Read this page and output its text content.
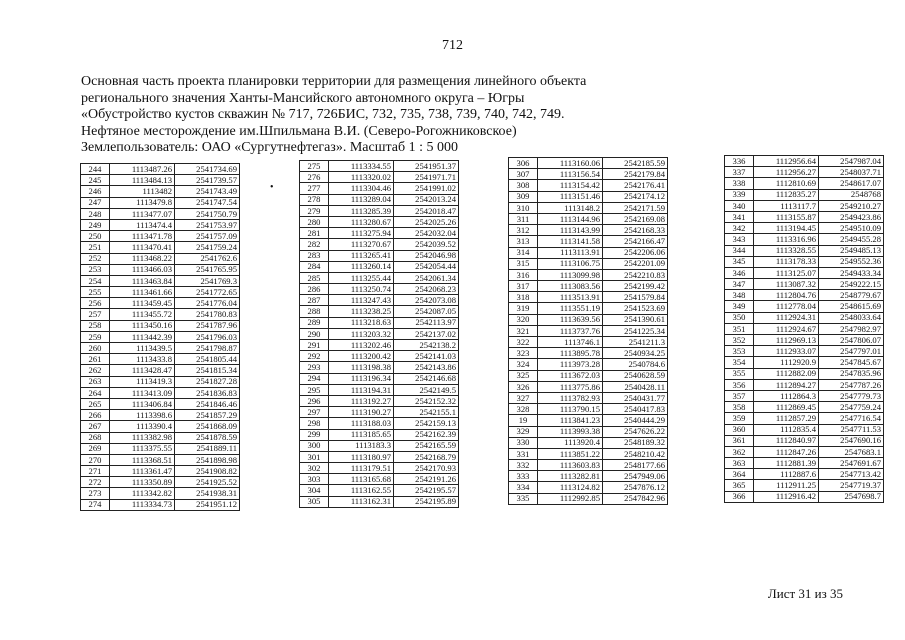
712
Основная часть проекта планировки территории для размещения линейного объекта
регионального значения Ханты-Мансийского автономного округа – Югры
«Обустройство кустов скважин № 717, 726БИС, 732, 735, 738, 739, 740, 742, 749.
Нефтяное месторождение им.Шпильмана В.И. (Северо-Рогожниковское)
Землепользователь: ОАО «Сургутнефтегаз». Масштаб 1 : 5 000
244	1113487.26	2541734.69
245	1113484.13	2541739.57
246	1113482	2541743.49
247	1113479.8	2541747.54
248	1113477.07	2541750.79
249	1113474.4	2541753.97
250	1113471.78	2541757.09
251	1113470.41	2541759.24
252	1113468.22	2541762.6
253	1113466.03	2541765.95
254	1113463.84	2541769.3
255	1113461.66	2541772.65
256	1113459.45	2541776.04
257	1113455.72	2541780.83
258	1113450.16	2541787.96
259	1113442.39	2541796.03
260	1113439.5	2541798.87
261	1113433.8	2541805.44
262	1113428.47	2541815.34
263	1113419.3	2541827.28
264	1113413.09	2541836.83
265	1113406.84	2541846.46
266	1113398.6	2541857.29
267	1113390.4	2541868.09
268	1113382.98	2541878.59
269	1113375.55	2541889.11
270	1113368.51	2541898.98
271	1113361.47	2541908.82
272	1113350.89	2541925.52
273	1113342.82	2541938.31
274	1113334.73	2541951.12
275	1113334.55	2541951.37
276	1113320.02	2541971.71
277	1113304.46	2541991.02
278	1113289.04	2542013.24
279	1113285.39	2542018.47
280	1113280.67	2542025.26
281	1113275.94	2542032.04
282	1113270.67	2542039.52
283	1113265.41	2542046.98
284	1113260.14	2542054.44
285	1113255.44	2542061.34
286	1113250.74	2542068.23
287	1113247.43	2542073.08
288	1113238.25	2542087.05
289	1113218.63	2542113.97
290	1113203.32	2542137.02
291	1113202.46	2542138.2
292	1113200.42	2542141.03
293	1113198.38	2542143.86
294	1113196.34	2542146.68
295	1113194.31	2542149.5
296	1113192.27	2542152.32
297	1113190.27	2542155.1
298	1113188.03	2542159.13
299	1113185.65	2542162.39
300	1113183.3	2542165.59
301	1113180.97	2542168.79
302	1113179.51	2542170.93
303	1113165.68	2542191.26
304	1113162.55	2542195.57
305	1113162.31	2542195.89
306	1113160.06	2542185.59
307	1113156.54	2542179.84
308	1113154.42	2542176.41
309	1113151.46	2542174.12
310	1113148.2	2542171.59
311	1113144.96	2542169.08
312	1113143.99	2542168.33
313	1113141.58	2542166.47
314	1113113.91	2542206.06
315	1113106.75	2542201.09
316	1113099.98	2542210.83
317	1113083.56	2542199.42
318	1113513.91	2541579.84
319	1113551.19	2541523.69
320	1113639.56	2541390.61
321	1113737.76	2541225.34
322	1113746.1	2541211.3
323	1113895.78	2540934.25
324	1113973.28	2540784.6
325	1113672.03	2540628.59
326	1113775.86	2540428.11
327	1113782.93	2540431.77
328	1113790.15	2540417.83
19	1113841.23	2540444.29
329	1113993.38	2547626.22
330	1113920.4	2548189.32
331	1113851.22	2548210.42
332	1113603.83	2548177.66
333	1113282.81	2547949.06
334	1113124.82	2547876.12
335	1112992.85	2547842.96
336	1112956.64	2547987.04
337	1112956.27	2548037.71
338	1112810.69	2548617.07
339	1112835.27	2548768
340	1113117.7	2549210.27
341	1113155.87	2549423.86
342	1113194.45	2549510.09
343	1113316.96	2549455.28
344	1113328.55	2549485.13
345	1113178.33	2549552.36
346	1113125.07	2549433.34
347	1113087.32	2549222.15
348	1112804.76	2548779.67
349	1112778.04	2548615.69
350	1112924.31	2548033.64
351	1112924.67	2547982.97
352	1112969.13	2547806.07
353	1112933.07	2547797.01
354	1112920.9	2547845.67
355	1112882.09	2547835.96
356	1112894.27	2547787.26
357	1112864.3	2547779.73
358	1112869.45	2547759.24
359	1112857.29	2547716.54
360	1112835.4	2547711.53
361	1112840.97	2547690.16
362	1112847.26	2547683.1
363	1112881.39	2547691.67
364	1112887.6	2547713.42
365	1112911.25	2547719.37
366	1112916.42	2547698.7
•
Лист 31 из 35
